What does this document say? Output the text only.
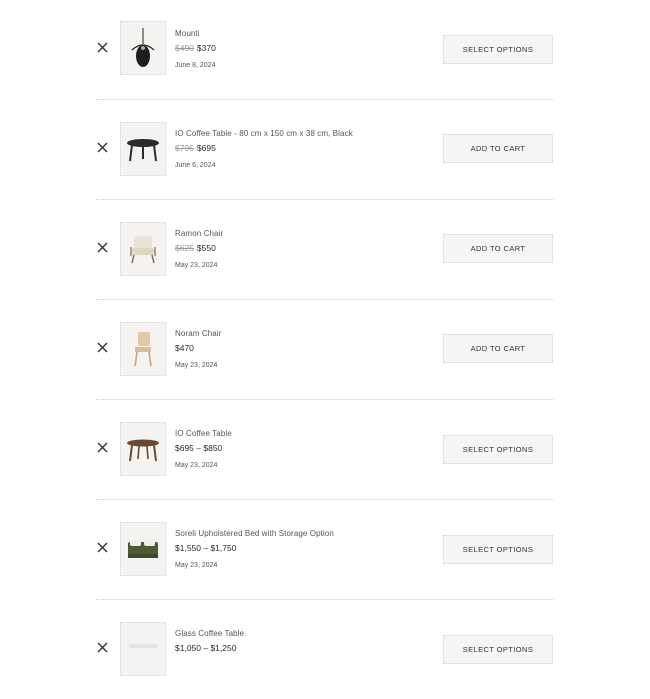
Mounti
$490 $370
June 8, 2024
SELECT OPTIONS
IO Coffee Table - 80 cm x 150 cm x 38 cm, Black
$795 $695
June 6, 2024
ADD TO CART
Ramon Chair
$625 $550
May 23, 2024
ADD TO CART
Noram Chair
$470
May 23, 2024
ADD TO CART
IO Coffee Table
$695 – $850
May 23, 2024
SELECT OPTIONS
Soreli Upholstered Bed with Storage Option
$1,550 – $1,750
May 23, 2024
SELECT OPTIONS
Glass Coffee Table
$1,050 – $1,250	SELECT OPTIONS
